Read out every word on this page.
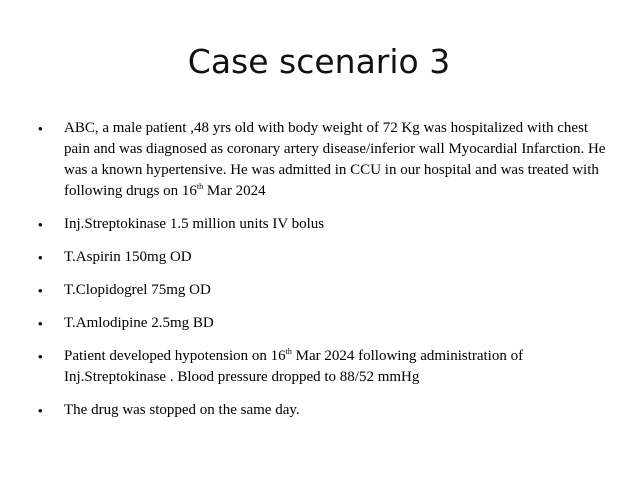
Case scenario 3
• ABC, a male patient ,48 yrs old with body weight of 72 Kg was hospitalized with chest pain and was diagnosed as coronary artery disease/inferior wall Myocardial Infarction. He was a known hypertensive. He was admitted in CCU in our hospital and was treated with following drugs on 16th Mar 2024
• Inj.Streptokinase 1.5 million units IV bolus
• T.Aspirin 150mg OD
• T.Clopidogrel 75mg OD
• T.Amlodipine 2.5mg BD
• Patient developed hypotension on 16th Mar 2024 following administration of Inj.Streptokinase . Blood pressure dropped to 88/52 mmHg
• The drug was stopped on the same day.
